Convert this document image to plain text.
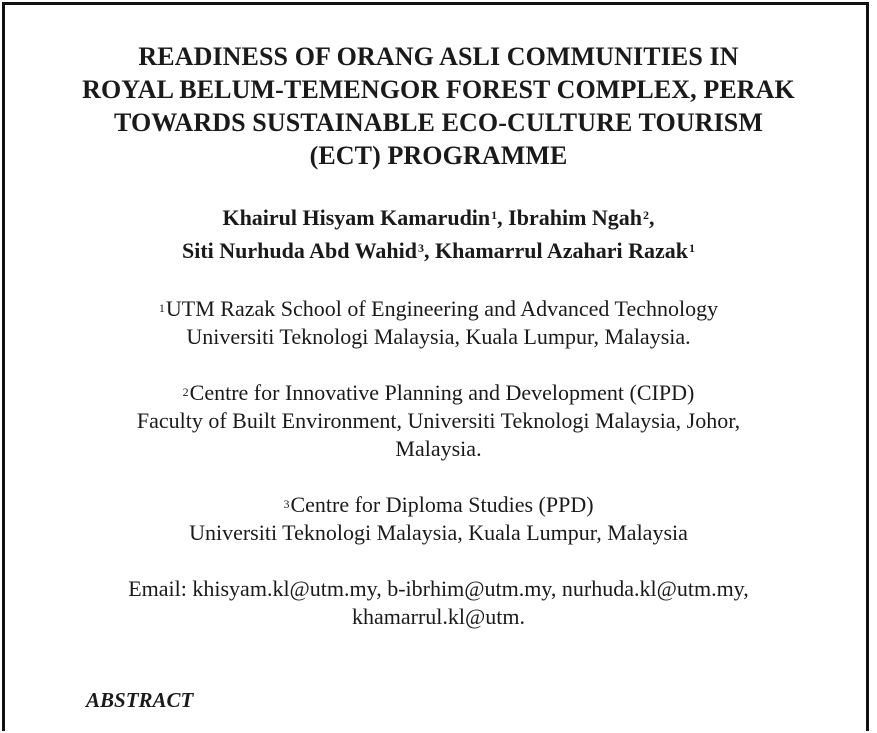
READINESS OF ORANG ASLI COMMUNITIES IN
ROYAL BELUM-TEMENGOR FOREST COMPLEX, PERAK
TOWARDS SUSTAINABLE ECO-CULTURE TOURISM
(ECT) PROGRAMME
Khairul Hisyam Kamarudin$^1$, Ibrahim Ngah$^2$,
Siti Nurhuda Abd Wahid$^3$, Khamarrul Azahari Razak$^1$
$^1$UTM Razak School of Engineering and Advanced Technology
Universiti Teknologi Malaysia, Kuala Lumpur, Malaysia.
$^2$Centre for Innovative Planning and Development (CIPD)
Faculty of Built Environment, Universiti Teknologi Malaysia, Johor,
Malaysia.
$^3$Centre for Diploma Studies (PPD)
Universiti Teknologi Malaysia, Kuala Lumpur, Malaysia
Email: khisyam.kl@utm.my, b-ibrhim@utm.my, nurhuda.kl@utm.my,
khamarrul.kl@utm.
ABSTRACT
